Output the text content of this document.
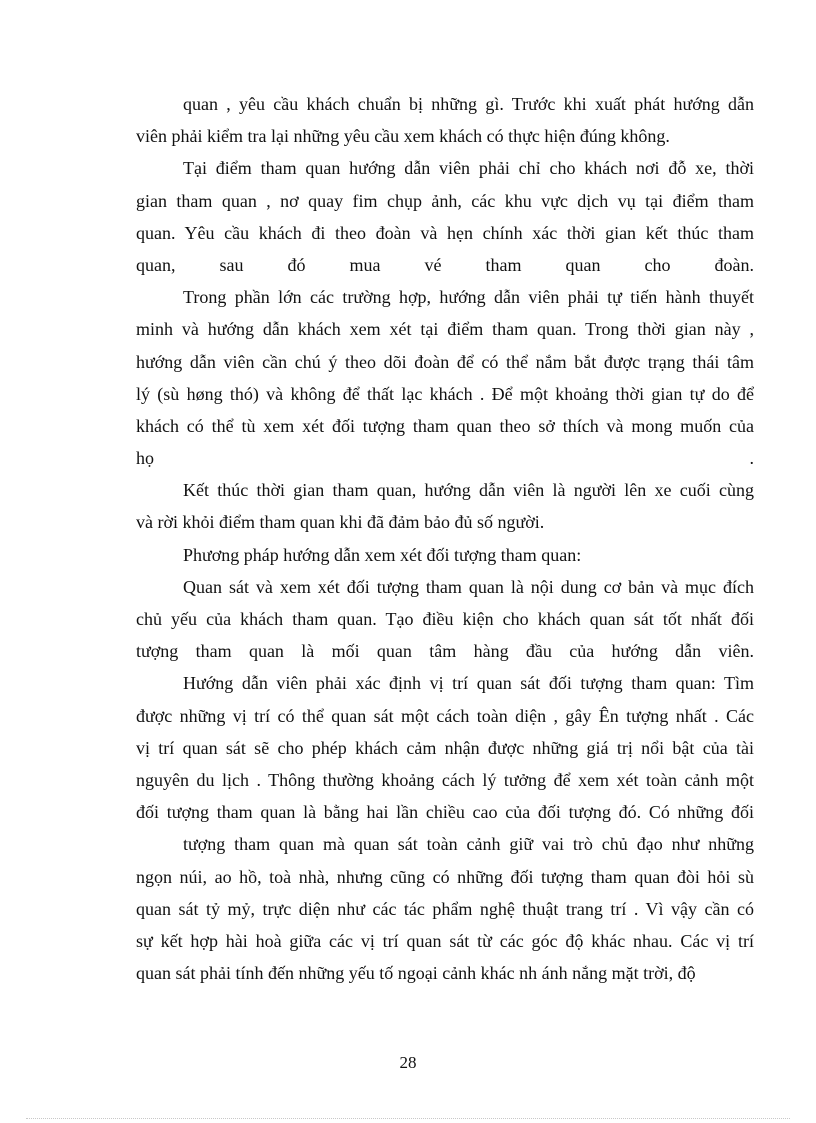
quan , yêu cầu khách chuẩn bị những gì. Trước khi xuất phát hướng dẫn
viên phải kiểm tra lại những yêu cầu xem khách có thực hiện đúng không.
Tại điểm tham quan hướng dẫn viên phải chỉ cho khách nơi đỗ xe, thời
gian tham quan , nơ quay fim chụp ảnh, các khu vực dịch vụ tại điểm tham
quan. Yêu cầu khách đi theo đoàn và hẹn chính xác thời gian kết thúc tham
quan, sau đó mua vé tham quan cho đoàn.
Trong phần lớn các trường hợp, hướng dẫn viên phải tự tiến hành thuyết
minh và hướng dẫn khách xem xét tại điểm tham quan. Trong thời gian này ,
hướng dẫn viên cần chú ý theo dõi đoàn để có thể nắm bắt được trạng thái tâm
lý (sù høng thó) và không để thất lạc khách . Để một khoảng thời gian tự do để
khách có thể tù xem xét đối tượng tham quan theo sở thích và mong muốn của
họ .
Kết thúc thời gian tham quan, hướng dẫn viên là người lên xe cuối cùng
và rời khỏi điểm tham quan khi đã đảm bảo đủ số người.
Phương pháp hướng dẫn xem xét đối tượng tham quan:
Quan sát và xem xét đối tượng tham quan là nội dung cơ bản và mục đích
chủ yếu của khách tham quan. Tạo điều kiện cho khách quan sát tốt nhất đối
tượng tham quan là mối quan tâm hàng đầu của hướng dẫn viên.
Hướng dẫn viên phải xác định vị trí quan sát đối tượng tham quan: Tìm
được những vị trí có thể quan sát một cách toàn diện , gây Ên tượng nhất . Các
vị trí quan sát sẽ cho phép khách cảm nhận được những giá trị nổi bật của tài
nguyên du lịch . Thông thường khoảng cách lý tưởng để xem xét toàn cảnh một
đối tượng tham quan là bằng hai lần chiều cao của đối tượng đó. Có những đối
tượng tham quan mà quan sát toàn cảnh giữ vai trò chủ đạo như những
ngọn núi, ao hồ, toà nhà, nhưng cũng có những đối tượng tham quan đòi hỏi sù
quan sát tỷ mỷ, trực diện như các tác phẩm nghệ thuật trang trí . Vì vậy cần có
sự kết hợp hài hoà giữa các vị trí quan sát từ các góc độ khác nhau. Các vị trí
quan sát phải tính đến những yếu tố ngoại cảnh khác nh ánh nắng mặt trời, độ
28
